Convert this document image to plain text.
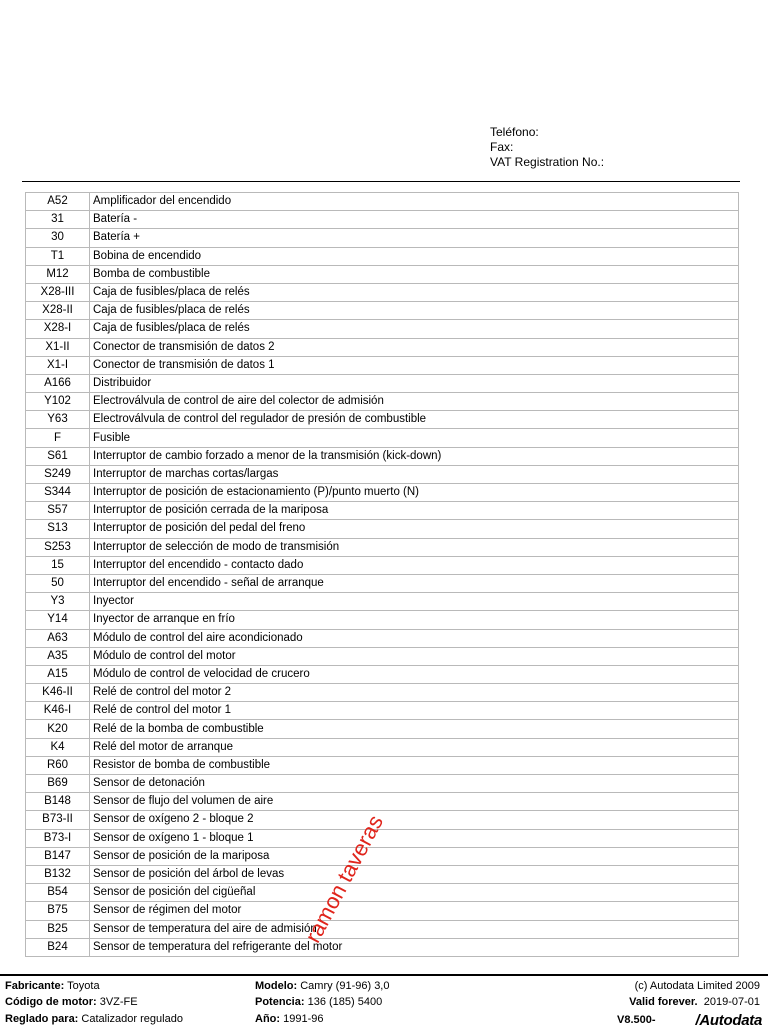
Teléfono:
Fax:
VAT Registration No.:
A52	Amplificador del encendido
31	Batería -
30	Batería +
T1	Bobina de encendido
M12	Bomba de combustible
X28-III	Caja de fusibles/placa de relés
X28-II	Caja de fusibles/placa de relés
X28-I	Caja de fusibles/placa de relés
X1-II	Conector de transmisión de datos 2
X1-I	Conector de transmisión de datos 1
A166	Distribuidor
Y102	Electroválvula de control de aire del colector de admisión
Y63	Electroválvula de control del regulador de presión de combustible
F	Fusible
S61	Interruptor de cambio forzado a menor de la transmisión (kick-down)
S249	Interruptor de marchas cortas/largas
S344	Interruptor de posición de estacionamiento (P)/punto muerto (N)
S57	Interruptor de posición cerrada de la mariposa
S13	Interruptor de posición del pedal del freno
S253	Interruptor de selección de modo de transmisión
15	Interruptor del encendido - contacto dado
50	Interruptor del encendido - señal de arranque
Y3	Inyector
Y14	Inyector de arranque en frío
A63	Módulo de control del aire acondicionado
A35	Módulo de control del motor
A15	Módulo de control de velocidad de crucero
K46-II	Relé de control del motor 2
K46-I	Relé de control del motor 1
K20	Relé de la bomba de combustible
K4	Relé del motor de arranque
R60	Resistor de bomba de combustible
B69	Sensor de detonación
B148	Sensor de flujo del volumen de aire
B73-II	Sensor de oxígeno 2 - bloque 2
B73-I	Sensor de oxígeno 1 - bloque 1
B147	Sensor de posición de la mariposa
B132	Sensor de posición del árbol de levas
B54	Sensor de posición del cigüeñal
B75	Sensor de régimen del motor
B25	Sensor de temperatura del aire de admisión
B24	Sensor de temperatura del refrigerante del motor
Fabricante: Toyota
Código de motor: 3VZ-FE
Reglado para: Catalizador regulado
Modelo: Camry (91-96) 3,0
Potencia: 136 (185) 5400
Año: 1991-96
(c) Autodata Limited 2009
Valid forever. 2019-07-01
V8.500-	/Autodata
ramon taveras
